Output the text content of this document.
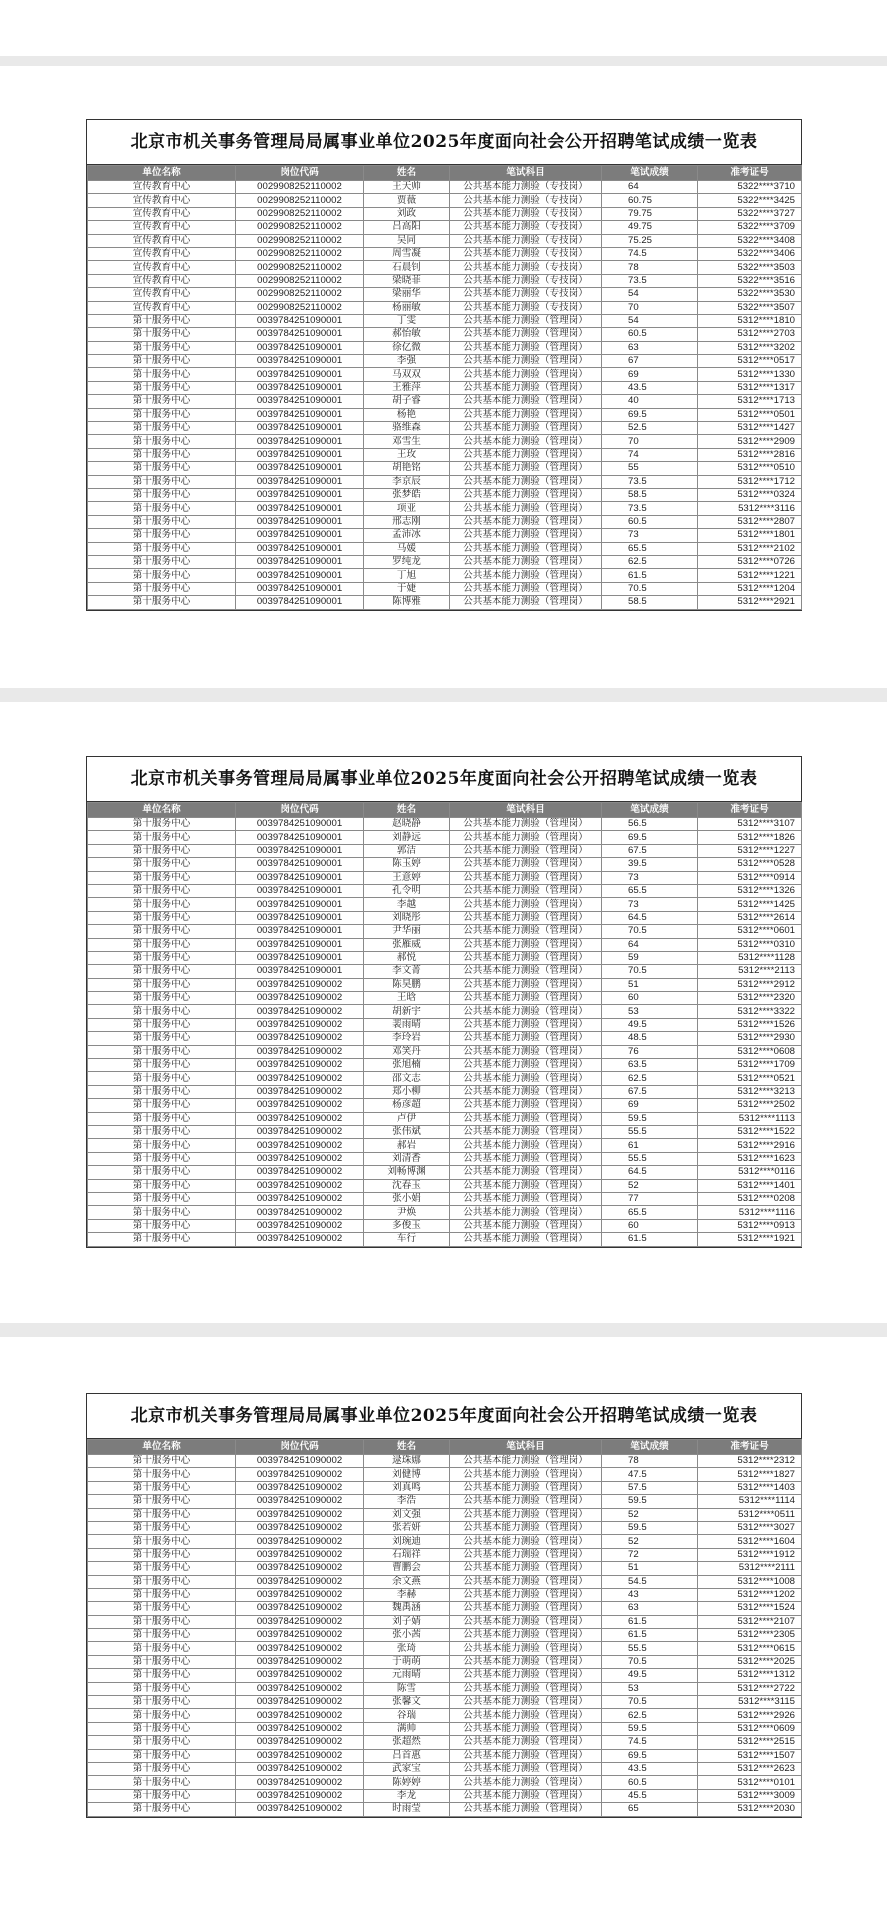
北京市机关事务管理局局属事业单位2025年度面向社会公开招聘笔试成绩一览表
单位名称	岗位代码	姓名	笔试科目	笔试成绩	准考证号
宣传教育中心	002990825211000​2	王天帅	公共基本能力测验（专技岗）	64	5322****3710
宣传教育中心	0029908252110002	贾薇	公共基本能力测验（专技岗）	60.75	5322****3425
宣传教育中心	0029908252110002	刘政	公共基本能力测验（专技岗）	79.75	5322****3727
宣传教育中心	0029908252110002	吕高阳	公共基本能力测验（专技岗）	49.75	5322****3709
宣传教育中心	0029908252110002	吴同	公共基本能力测验（专技岗）	75.25	5322****3408
宣传教育中心	0029908252110002	周雪凝	公共基本能力测验（专技岗）	74.5	5322****3406
宣传教育中心	0029908252110002	石晨钊	公共基本能力测验（专技岗）	78	5322****3503
宣传教育中心	0029908252110002	梁晓菲	公共基本能力测验（专技岗）	73.5	5322****3516
宣传教育中心	0029908252110002	梁丽华	公共基本能力测验（专技岗）	54	5322****3530
宣传教育中心	0029908252110002	杨丽敏	公共基本能力测验（专技岗）	70	5322****3507
第十服务中心	0039784251090001	丁雯	公共基本能力测验（管理岗）	54	5312****1810
第十服务中心	0039784251090001	郝怡敏	公共基本能力测验（管理岗）	60.5	5312****2703
第十服务中心	0039784251090001	徐亿微	公共基本能力测验（管理岗）	63	5312****3202
第十服务中心	0039784251090001	李强	公共基本能力测验（管理岗）	67	5312****0517
第十服务中心	0039784251090001	马双双	公共基本能力测验（管理岗）	69	5312****1330
第十服务中心	0039784251090001	王雅萍	公共基本能力测验（管理岗）	43.5	5312****1317
第十服务中心	0039784251090001	胡子睿	公共基本能力测验（管理岗）	40	5312****1713
第十服务中心	0039784251090001	杨艳	公共基本能力测验（管理岗）	69.5	5312****0501
第十服务中心	0039784251090001	骆维森	公共基本能力测验（管理岗）	52.5	5312****1427
第十服务中心	0039784251090001	邓雪生	公共基本能力测验（管理岗）	70	5312****2909
第十服务中心	0039784251090001	王玫	公共基本能力测验（管理岗）	74	5312****2816
第十服务中心	0039784251090001	胡艳铭	公共基本能力测验（管理岗）	55	5312****0510
第十服务中心	0039784251090001	李京辰	公共基本能力测验（管理岗）	73.5	5312****1712
第十服务中心	0039784251090001	张梦皓	公共基本能力测验（管理岗）	58.5	5312****0324
第十服务中心	0039784251090001	项亚	公共基本能力测验（管理岗）	73.5	5312****3116
第十服务中心	0039784251090001	邢志刚	公共基本能力测验（管理岗）	60.5	5312****2807
第十服务中心	0039784251090001	孟沛冰	公共基本能力测验（管理岗）	73	5312****1801
第十服务中心	0039784251090001	马媛	公共基本能力测验（管理岗）	65.5	5312****2102
第十服务中心	0039784251090001	罗纯龙	公共基本能力测验（管理岗）	62.5	5312****0726
第十服务中心	0039784251090001	丁旭	公共基本能力测验（管理岗）	61.5	5312****1221
第十服务中心	0039784251090001	于婕	公共基本能力测验（管理岗）	70.5	5312****1204
第十服务中心	0039784251090001	陈博雅	公共基本能力测验（管理岗）	58.5	5312****2921
北京市机关事务管理局局属事业单位2025年度面向社会公开招聘笔试成绩一览表
单位名称	岗位代码	姓名	笔试科目	笔试成绩	准考证号
第十服务中心	0039784251090001	赵晓静	公共基本能力测验（管理岗）	56.5	5312****3107
第十服务中心	0039784251090001	刘静远	公共基本能力测验（管理岗）	69.5	5312****1826
第十服务中心	0039784251090001	郭洁	公共基本能力测验（管理岗）	67.5	5312****1227
第十服务中心	0039784251090001	陈玉婷	公共基本能力测验（管理岗）	39.5	5312****0528
第十服务中心	0039784251090001	王意婷	公共基本能力测验（管理岗）	73	5312****0914
第十服务中心	0039784251090001	孔令明	公共基本能力测验（管理岗）	65.5	5312****1326
第十服务中心	0039784251090001	李越	公共基本能力测验（管理岗）	73	5312****1425
第十服务中心	0039784251090001	刘晓彤	公共基本能力测验（管理岗）	64.5	5312****2614
第十服务中心	0039784251090001	尹华丽	公共基本能力测验（管理岗）	70.5	5312****0601
第十服务中心	0039784251090001	张雁威	公共基本能力测验（管理岗）	64	5312****0310
第十服务中心	0039784251090001	郝悦	公共基本能力测验（管理岗）	59	5312****1128
第十服务中心	0039784251090001	李文菁	公共基本能力测验（管理岗）	70.5	5312****2113
第十服务中心	0039784251090002	陈昊鹏	公共基本能力测验（管理岗）	51	5312****2912
第十服务中心	0039784251090002	王晗	公共基本能力测验（管理岗）	60	5312****2320
第十服务中心	0039784251090002	胡新宇	公共基本能力测验（管理岗）	53	5312****3322
第十服务中心	0039784251090002	裴雨晴	公共基本能力测验（管理岗）	49.5	5312****1526
第十服务中心	0039784251090002	李玲岩	公共基本能力测验（管理岗）	48.5	5312****2930
第十服务中心	0039784251090002	邓笑丹	公共基本能力测验（管理岗）	76	5312****0608
第十服务中心	0039784251090002	张旭楠	公共基本能力测验（管理岗）	63.5	5312****1709
第十服务中心	0039784251090002	邵文志	公共基本能力测验（管理岗）	62.5	5312****0521
第十服务中心	0039784251090002	郑小柳	公共基本能力测验（管理岗）	67.5	5312****3213
第十服务中心	0039784251090002	杨彦超	公共基本能力测验（管理岗）	69	5312****2502
第十服务中心	0039784251090002	卢伊	公共基本能力测验（管理岗）	59.5	5312****1113
第十服务中心	0039784251090002	张伟斌	公共基本能力测验（管理岗）	55.5	5312****1522
第十服务中心	0039784251090002	郝岩	公共基本能力测验（管理岗）	61	5312****2916
第十服务中心	0039784251090002	刘清香	公共基本能力测验（管理岗）	55.5	5312****1623
第十服务中心	0039784251090002	刘畅博渊	公共基本能力测验（管理岗）	64.5	5312****0116
第十服务中心	0039784251090002	沈春玉	公共基本能力测验（管理岗）	52	5312****1401
第十服务中心	0039784251090002	张小娟	公共基本能力测验（管理岗）	77	5312****0208
第十服务中心	0039784251090002	尹焕	公共基本能力测验（管理岗）	65.5	5312****1116
第十服务中心	0039784251090002	多俊玉	公共基本能力测验（管理岗）	60	5312****0913
第十服务中心	0039784251090002	车行	公共基本能力测验（管理岗）	61.5	5312****1921
北京市机关事务管理局局属事业单位2025年度面向社会公开招聘笔试成绩一览表
单位名称	岗位代码	姓名	笔试科目	笔试成绩	准考证号
第十服务中心	0039784251090002	逯珠娜	公共基本能力测验（管理岗）	78	5312****2312
第十服务中心	0039784251090002	刘健博	公共基本能力测验（管理岗）	47.5	5312****1827
第十服务中心	0039784251090002	刘真鸣	公共基本能力测验（管理岗）	57.5	5312****1403
第十服务中心	0039784251090002	李浩	公共基本能力测验（管理岗）	59.5	5312****1114
第十服务中心	0039784251090002	刘文强	公共基本能力测验（管理岗）	52	5312****0511
第十服务中心	0039784251090002	张若妍	公共基本能力测验（管理岗）	59.5	5312****3027
第十服务中心	0039784251090002	刘琬迪	公共基本能力测验（管理岗）	52	5312****1604
第十服务中心	0039784251090002	石瑞祥	公共基本能力测验（管理岗）	72	5312****1912
第十服务中心	0039784251090002	曹鹏会	公共基本能力测验（管理岗）	51	5312****2111
第十服务中心	0039784251090002	余文燕	公共基本能力测验（管理岗）	54.5	5312****1008
第十服务中心	0039784251090002	李赫	公共基本能力测验（管理岗）	43	5312****1202
第十服务中心	0039784251090002	魏禹涵	公共基本能力测验（管理岗）	63	5312****1524
第十服务中心	0039784251090002	刘子婧	公共基本能力测验（管理岗）	61.5	5312****2107
第十服务中心	0039784251090002	张小茜	公共基本能力测验（管理岗）	61.5	5312****2305
第十服务中心	0039784251090002	张琦	公共基本能力测验（管理岗）	55.5	5312****0615
第十服务中心	0039784251090002	于萌萌	公共基本能力测验（管理岗）	70.5	5312****2025
第十服务中心	0039784251090002	元雨晴	公共基本能力测验（管理岗）	49.5	5312****1312
第十服务中心	0039784251090002	陈雪	公共基本能力测验（管理岗）	53	5312****2722
第十服务中心	0039784251090002	张馨文	公共基本能力测验（管理岗）	70.5	5312****3115
第十服务中心	0039784251090002	谷瑞	公共基本能力测验（管理岗）	62.5	5312****2926
第十服务中心	0039784251090002	满帅	公共基本能力测验（管理岗）	59.5	5312****0609
第十服务中心	0039784251090002	张超然	公共基本能力测验（管理岗）	74.5	5312****2515
第十服务中心	0039784251090002	吕首惠	公共基本能力测验（管理岗）	69.5	5312****1507
第十服务中心	0039784251090002	武家宝	公共基本能力测验（管理岗）	43.5	5312****2623
第十服务中心	0039784251090002	陈婷婷	公共基本能力测验（管理岗）	60.5	5312****0101
第十服务中心	0039784251090002	李龙	公共基本能力测验（管理岗）	45.5	5312****3009
第十服务中心	0039784251090002	时雨莹	公共基本能力测验（管理岗）	65	5312****2030
